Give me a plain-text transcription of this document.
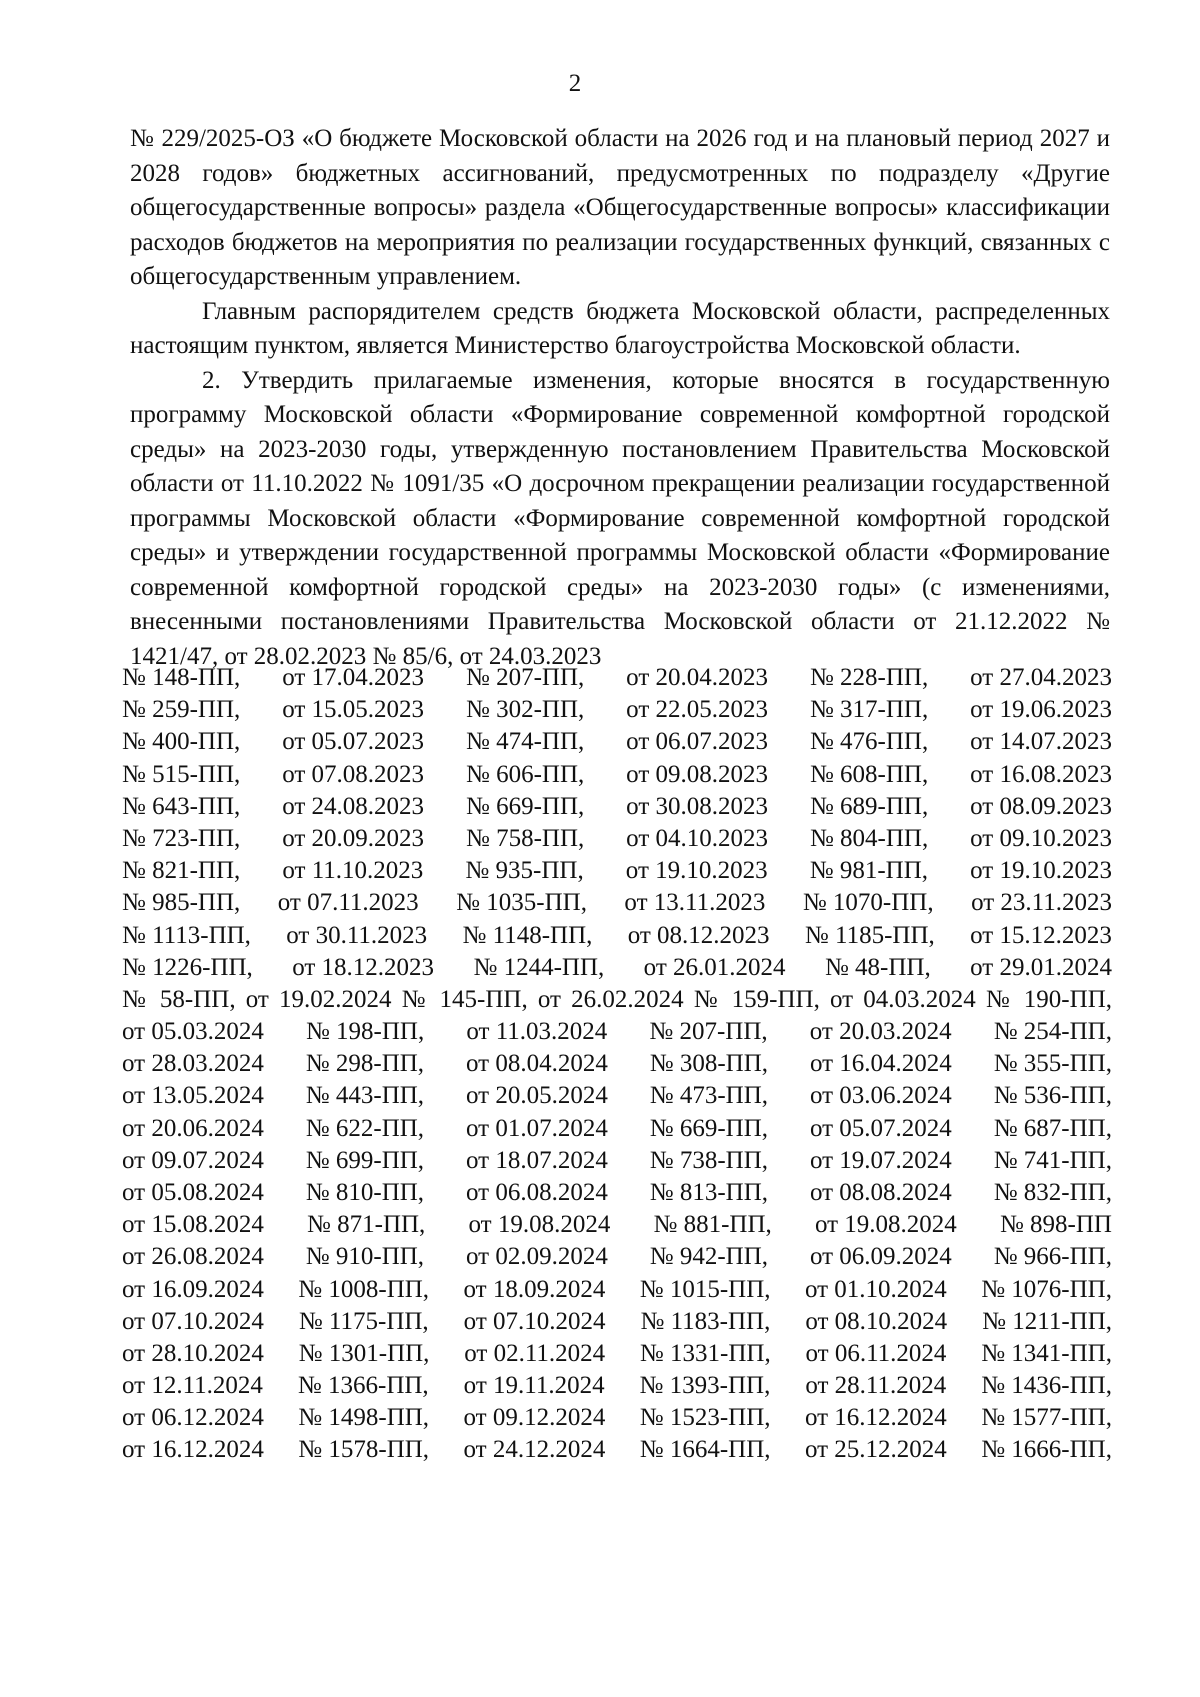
2

№ 229/2025-ОЗ «О бюджете Московской области на 2026 год и на плановый период 2027 и 2028 годов» бюджетных ассигнований, предусмотренных по подразделу «Другие общегосударственные вопросы» раздела «Общегосударственные вопросы» классификации расходов бюджетов на мероприятия по реализации государственных функций, связанных с общегосударственным управлением.

Главным распорядителем средств бюджета Московской области, распределенных настоящим пунктом, является Министерство благоустройства Московской области.

2. Утвердить прилагаемые изменения, которые вносятся в государственную программу Московской области «Формирование современной комфортной городской среды» на 2023-2030 годы, утвержденную постановлением Правительства Московской области от 11.10.2022 № 1091/35 «О досрочном прекращении реализации государственной программы Московской области «Формирование современной комфортной городской среды» и утверждении государственной программы Московской области «Формирование современной комфортной городской среды» на 2023-2030 годы» (с изменениями, внесенными постановлениями Правительства Московской области от 21.12.2022 № 1421/47, от 28.02.2023 № 85/6, от 24.03.2023

№ 148-ПП, от 17.04.2023 № 207-ПП, от 20.04.2023 № 228-ПП, от 27.04.2023
№ 259-ПП, от 15.05.2023 № 302-ПП, от 22.05.2023 № 317-ПП, от 19.06.2023
№ 400-ПП, от 05.07.2023 № 474-ПП, от 06.07.2023 № 476-ПП, от 14.07.2023
№ 515-ПП, от 07.08.2023 № 606-ПП, от 09.08.2023 № 608-ПП, от 16.08.2023
№ 643-ПП, от 24.08.2023 № 669-ПП, от 30.08.2023 № 689-ПП, от 08.09.2023
№ 723-ПП, от 20.09.2023 № 758-ПП, от 04.10.2023 № 804-ПП, от 09.10.2023
№ 821-ПП, от 11.10.2023 № 935-ПП, от 19.10.2023 № 981-ПП, от 19.10.2023
№ 985-ПП, от 07.11.2023 № 1035-ПП, от 13.11.2023 № 1070-ПП, от 23.11.2023
№ 1113-ПП, от 30.11.2023 № 1148-ПП, от 08.12.2023 № 1185-ПП, от 15.12.2023
№ 1226-ПП, от 18.12.2023 № 1244-ПП, от 26.01.2024 № 48-ПП, от 29.01.2024
№ 58-ПП, от 19.02.2024 № 145-ПП, от 26.02.2024 № 159-ПП, от 04.03.2024 № 190-ПП,
от 05.03.2024 № 198-ПП, от 11.03.2024 № 207-ПП, от 20.03.2024 № 254-ПП,
от 28.03.2024 № 298-ПП, от 08.04.2024 № 308-ПП, от 16.04.2024 № 355-ПП,
от 13.05.2024 № 443-ПП, от 20.05.2024 № 473-ПП, от 03.06.2024 № 536-ПП,
от 20.06.2024 № 622-ПП, от 01.07.2024 № 669-ПП, от 05.07.2024 № 687-ПП,
от 09.07.2024 № 699-ПП, от 18.07.2024 № 738-ПП, от 19.07.2024 № 741-ПП,
от 05.08.2024 № 810-ПП, от 06.08.2024 № 813-ПП, от 08.08.2024 № 832-ПП,
от 15.08.2024 № 871-ПП, от 19.08.2024 № 881-ПП, от 19.08.2024 № 898-ПП
от 26.08.2024 № 910-ПП, от 02.09.2024 № 942-ПП, от 06.09.2024 № 966-ПП,
от 16.09.2024 № 1008-ПП, от 18.09.2024 № 1015-ПП, от 01.10.2024 № 1076-ПП,
от 07.10.2024 № 1175-ПП, от 07.10.2024 № 1183-ПП, от 08.10.2024 № 1211-ПП,
от 28.10.2024 № 1301-ПП, от 02.11.2024 № 1331-ПП, от 06.11.2024 № 1341-ПП,
от 12.11.2024 № 1366-ПП, от 19.11.2024 № 1393-ПП, от 28.11.2024 № 1436-ПП,
от 06.12.2024 № 1498-ПП, от 09.12.2024 № 1523-ПП, от 16.12.2024 № 1577-ПП,
от 16.12.2024 № 1578-ПП, от 24.12.2024 № 1664-ПП, от 25.12.2024 № 1666-ПП,
